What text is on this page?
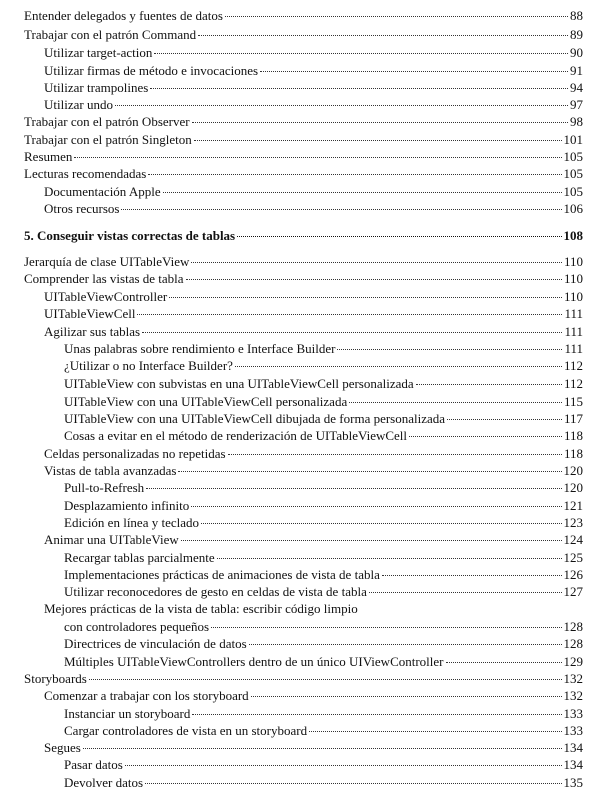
Entender delegados y fuentes de datos	88
Trabajar con el patrón Command	89
Utilizar target-action	90
Utilizar firmas de método e invocaciones	91
Utilizar trampolines	94
Utilizar undo	97
Trabajar con el patrón Observer	98
Trabajar con el patrón Singleton	101
Resumen	105
Lecturas recomendadas	105
Documentación Apple	105
Otros recursos	106
5. Conseguir vistas correctas de tablas	108
Jerarquía de clase UITableView	110
Comprender las vistas de tabla	110
UITableViewController	110
UITableViewCell	111
Agilizar sus tablas	111
Unas palabras sobre rendimiento e Interface Builder	111
¿Utilizar o no Interface Builder?	112
UITableView con subvistas en una UITableViewCell personalizada	112
UITableView con una UITableViewCell personalizada	115
UITableView con una UITableViewCell dibujada de forma personalizada	117
Cosas a evitar en el método de renderización de UITableViewCell	118
Celdas personalizadas no repetidas	118
Vistas de tabla avanzadas	120
Pull-to-Refresh	120
Desplazamiento infinito	121
Edición en línea y teclado	123
Animar una UITableView	124
Recargar tablas parcialmente	125
Implementaciones prácticas de animaciones de vista de tabla	126
Utilizar reconocedores de gesto en celdas de vista de tabla	127
Mejores prácticas de la vista de tabla: escribir código limpio
con controladores pequeños	128
Directrices de vinculación de datos	128
Múltiples UITableViewControllers dentro de un único UIViewController	129
Storyboards	132
Comenzar a trabajar con los storyboard	132
Instanciar un storyboard	133
Cargar controladores de vista en un storyboard	133
Segues	134
Pasar datos	134
Devolver datos	135
